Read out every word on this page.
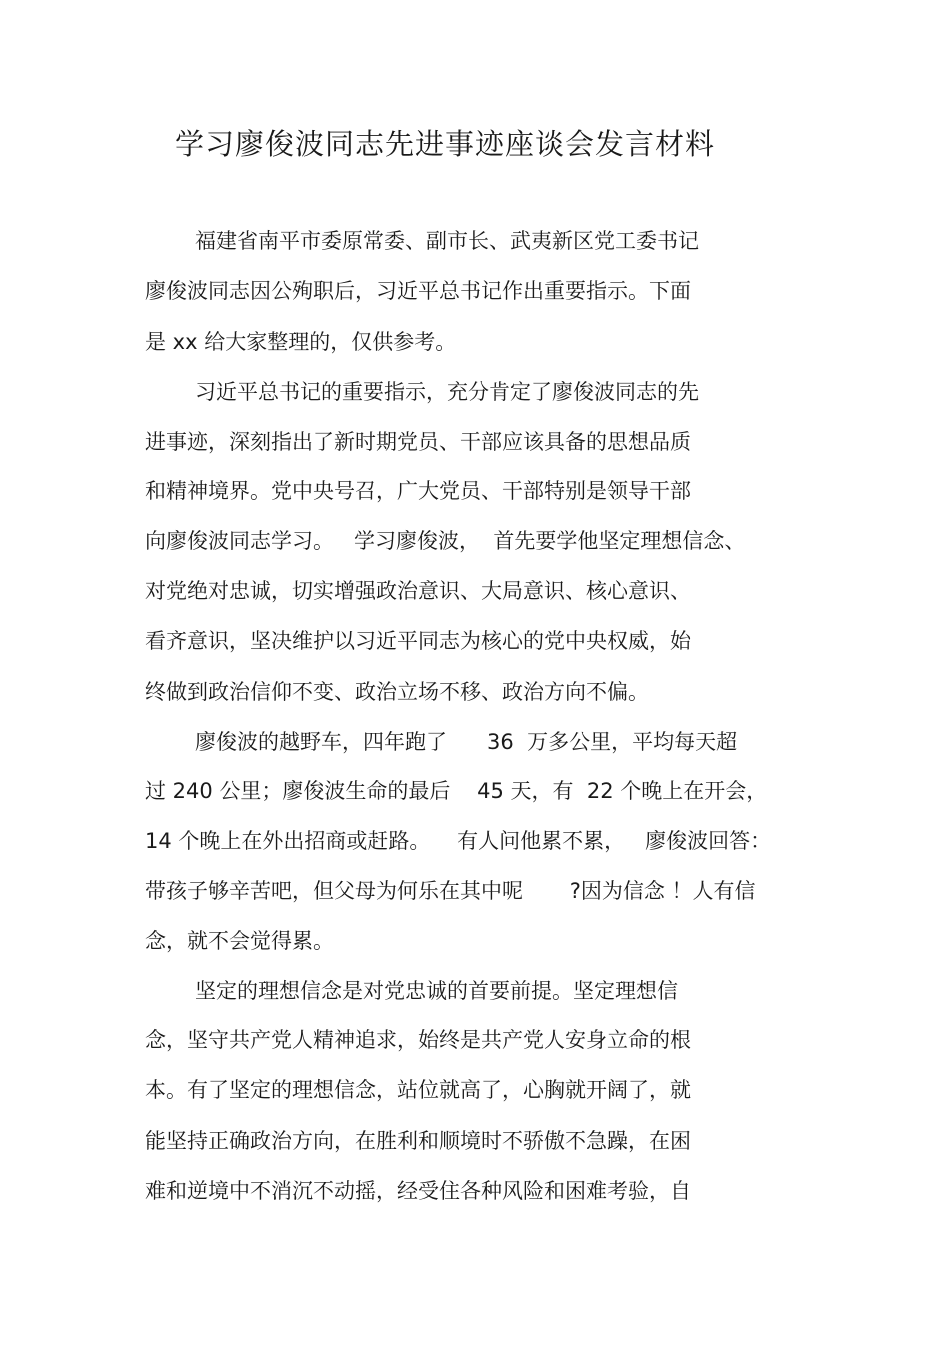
学习廖俊波同志先进事迹座谈会发言材料
福建省南平市委原常委、副市长、武夷新区党工委书记
廖俊波同志因公殉职后，习近平总书记作出重要指示。下面
是 xx 给大家整理的，仅供参考。
习近平总书记的重要指示，充分肯定了廖俊波同志的先
进事迹，深刻指出了新时期党员、干部应该具备的思想品质
和精神境界。党中央号召，广大党员、干部特别是领导干部
向廖俊波同志学习。   学习廖俊波，  首先要学他坚定理想信念、
对党绝对忠诚，切实增强政治意识、大局意识、核心意识、
看齐意识，坚决维护以习近平同志为核心的党中央权威，始
终做到政治信仰不变、政治立场不移、政治方向不偏。
廖俊波的越野车，四年跑了      36  万多公里，平均每天超
过 240 公里；廖俊波生命的最后    45 天，有  22 个晚上在开会，
14 个晚上在外出招商或赶路。    有人问他累不累，   廖俊波回答：
带孩子够辛苦吧，但父母为何乐在其中呢       ?因为信念 ！人有信
念，就不会觉得累。
坚定的理想信念是对党忠诚的首要前提。坚定理想信
念，坚守共产党人精神追求，始终是共产党人安身立命的根
本。有了坚定的理想信念，站位就高了，心胸就开阔了，就
能坚持正确政治方向，在胜利和顺境时不骄傲不急躁，在困
难和逆境中不消沉不动摇，经受住各种风险和困难考验，自
